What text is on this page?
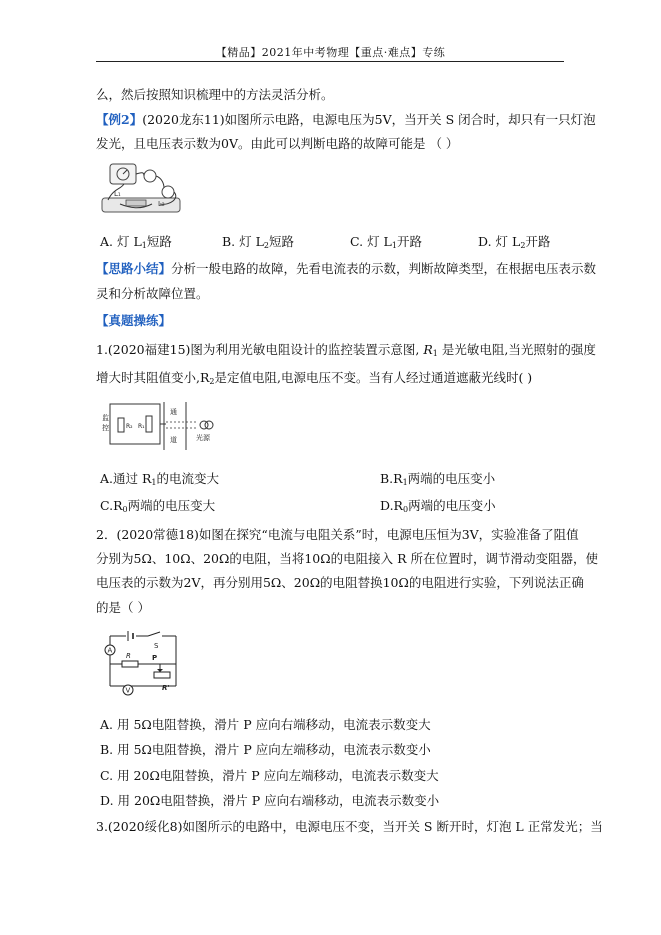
【精品】2021年中考物理【重点·难点】专练
么，然后按照知识梳理中的方法灵活分析。
【例2】(2020龙东11)如图所示电路，电源电压为5V，当开关 S 闭合时，却只有一只灯泡
发光，且电压表示数为0V。由此可以判断电路的故障可能是 （ ）
L₁
L₂
A. 灯 $L_1$短路	B. 灯 $L_2$短路	C. 灯 $L_1$开路	D. 灯 $L_2$开路
【思路小结】分析一般电路的故障，先看电流表的示数，判断故障类型，在根据电压表示数
灵和分析故障位置。
【真题操练】
1.(2020福建15)图为利用光敏电阻设计的监控装置示意图, $R_1$ 是光敏电阻,当光照射的强度
增大时其阻值变小$,R_2$是定值电阻,电源电压不变。当有人经过通道遮蔽光线时( )
监
控	R₂ R₁
通
道	光源
A.通过 $R_1$的电流变大	$B.R_1$两端的电压变小
$C.R_0$两端的电压变大	$D.R_0$两端的电压变小
2．(2020常德18)如图在探究“电流与电阻关系”时，电源电压恒为3V，实验准备了阻值
分别为5Ω、10Ω、20Ω的电阻，当将10Ω的电阻接入 R 所在位置时，调节滑动变阻器，使
电压表的示数为2V，再分别用5Ω、20Ω的电阻替换10Ω的电阻进行实验，下列说法正确
的是（ ）
S
A
R	P
R'
V
A. 用 5Ω电阻替换，滑片 P 应向右端移动，电流表示数变大
B. 用 5Ω电阻替换，滑片 P 应向左端移动，电流表示数变小
C. 用 20Ω电阻替换，滑片 P 应向左端移动，电流表示数变大
D. 用 20Ω电阻替换，滑片 P 应向右端移动，电流表示数变小
3.(2020绥化8)如图所示的电路中，电源电压不变，当开关 S 断开时，灯泡 L 正常发光；当
